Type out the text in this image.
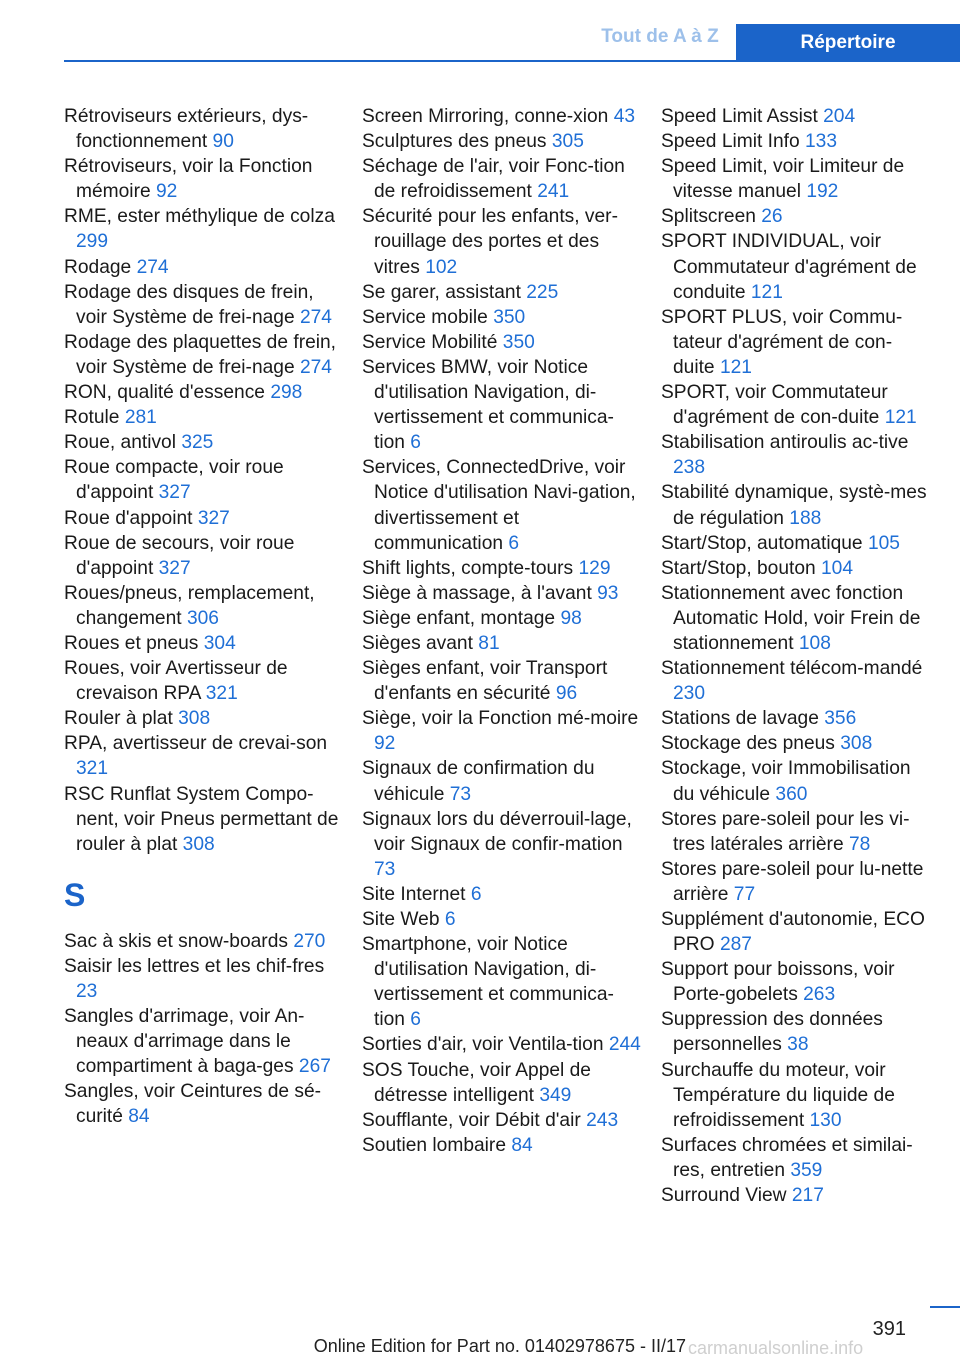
Tout de A à Z	Répertoire

Rétroviseurs extérieurs, dys-fonctionnement 90

Rétroviseurs, voir la Fonction mémoire 92

RME, ester méthylique de colza 299

Rodage 274

Rodage des disques de frein, voir Système de frei-nage 274

Rodage des plaquettes de frein, voir Système de frei-nage 274

RON, qualité d'essence 298

Rotule 281

Roue, antivol 325

Roue compacte, voir roue d'appoint 327

Roue d'appoint 327

Roue de secours, voir roue d'appoint 327

Roues/pneus, remplacement, changement 306

Roues et pneus 304

Roues, voir Avertisseur de crevaison RPA 321

Rouler à plat 308

RPA, avertisseur de crevai-son 321

RSC Runflat System Compo-nent, voir Pneus permettant de rouler à plat 308

S

Sac à skis et snow-boards 270

Saisir les lettres et les chif-fres 23

Sangles d'arrimage, voir An-neaux d'arrimage dans le compartiment à baga-ges 267

Sangles, voir Ceintures de sé-curité 84

Screen Mirroring, conne-xion 43

Sculptures des pneus 305

Séchage de l'air, voir Fonc-tion de refroidissement 241

Sécurité pour les enfants, ver-rouillage des portes et des vitres 102

Se garer, assistant 225

Service mobile 350

Service Mobilité 350

Services BMW, voir Notice d'utilisation Navigation, di-vertissement et communica-tion 6

Services, ConnectedDrive, voir Notice d'utilisation Navi-gation, divertissement et communication 6

Shift lights, compte-tours 129

Siège à massage, à l'avant 93

Siège enfant, montage 98

Sièges avant 81

Sièges enfant, voir Transport d'enfants en sécurité 96

Siège, voir la Fonction mé-moire 92

Signaux de confirmation du véhicule 73

Signaux lors du déverrouil-lage, voir Signaux de confir-mation 73

Site Internet 6

Site Web 6

Smartphone, voir Notice d'utilisation Navigation, di-vertissement et communica-tion 6

Sorties d'air, voir Ventila-tion 244

SOS Touche, voir Appel de détresse intelligent 349

Soufflante, voir Débit d'air 243

Soutien lombaire 84

Speed Limit Assist 204

Speed Limit Info 133

Speed Limit, voir Limiteur de vitesse manuel 192

Splitscreen 26

SPORT INDIVIDUAL, voir Commutateur d'agrément de conduite 121

SPORT PLUS, voir Commu-tateur d'agrément de con-duite 121

SPORT, voir Commutateur d'agrément de con-duite 121

Stabilisation antiroulis ac-tive 238

Stabilité dynamique, systè-mes de régulation 188

Start/Stop, automatique 105

Start/Stop, bouton 104

Stationnement avec fonction Automatic Hold, voir Frein de stationnement 108

Stationnement télécom-mandé 230

Stations de lavage 356

Stockage des pneus 308

Stockage, voir Immobilisation du véhicule 360

Stores pare-soleil pour les vi-tres latérales arrière 78

Stores pare-soleil pour lu-nette arrière 77

Supplément d'autonomie, ECO PRO 287

Support pour boissons, voir Porte-gobelets 263

Suppression des données personnelles 38

Surchauffe du moteur, voir Température du liquide de refroidissement 130

Surfaces chromées et similai-res, entretien 359

Surround View 217

391
Online Edition for Part no. 01402978675 - II/17 carmanualsonline.info
